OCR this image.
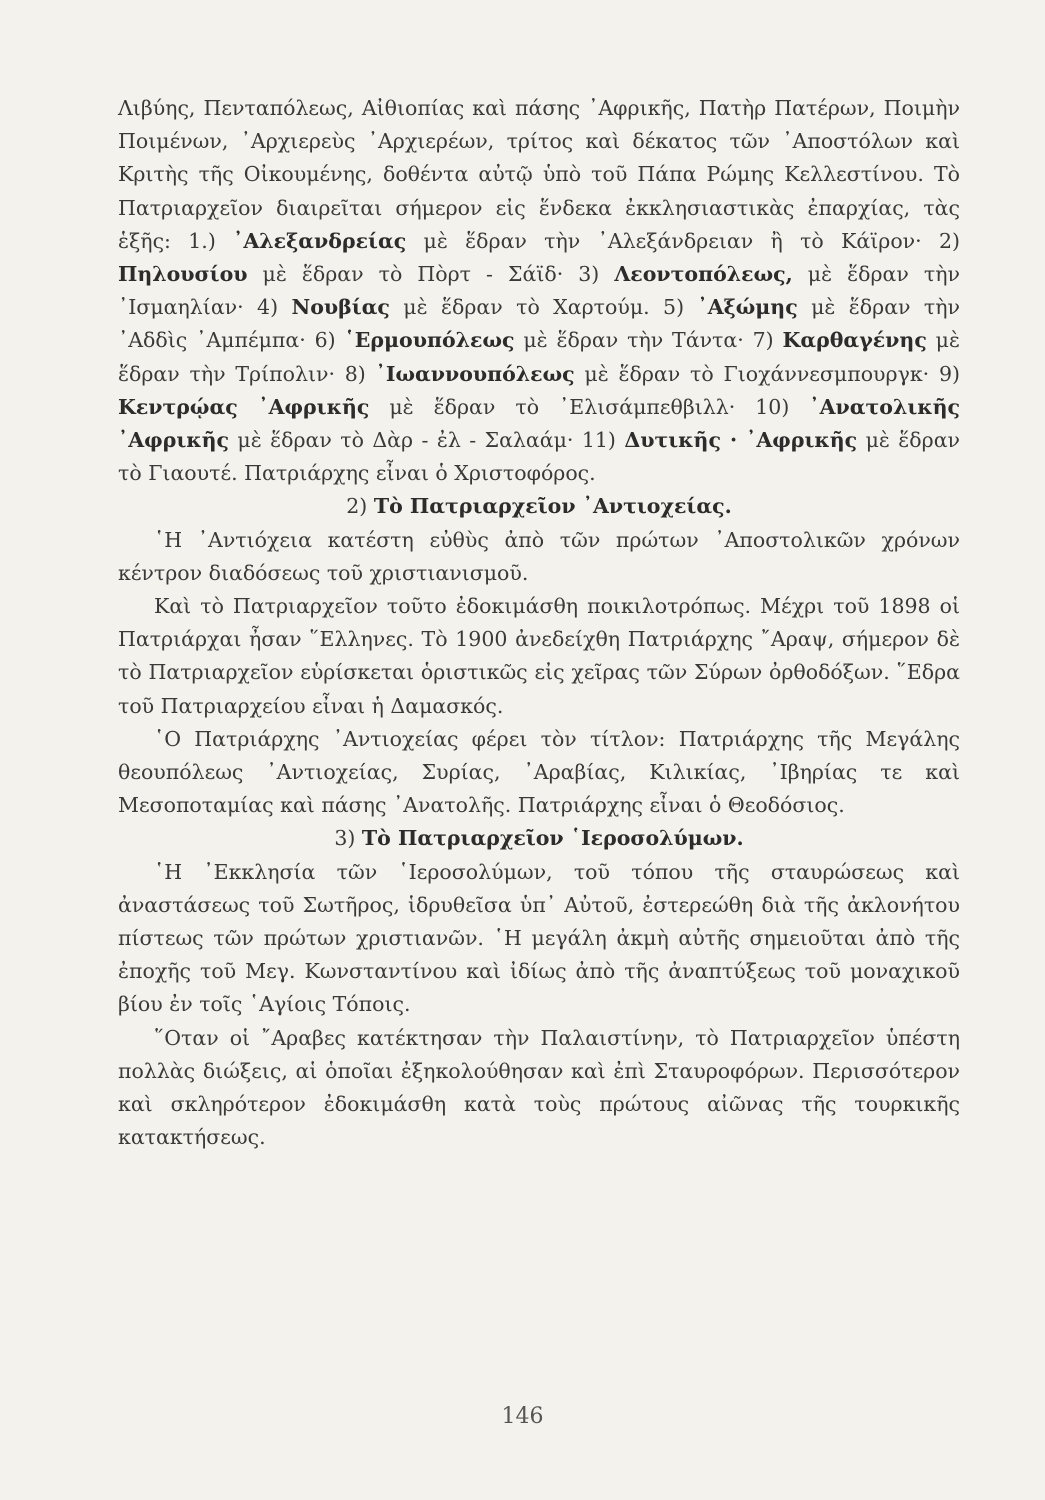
Λιβύης, Πενταπόλεως, Αἰθιοπίας καὶ πάσης ᾿Αφρικῆς, Πατὴρ Πατέρων, Ποιμὴν Ποιμένων, ᾿Αρχιερεὺς ᾿Αρχιερέων, τρίτος καὶ δέκατος τῶν ᾿Αποστόλων καὶ Κριτὴς τῆς Οἰκουμένης, δοθέντα αὐτῷ ὑπὸ τοῦ Πάπα Ρώμης Κελλεστίνου. Τὸ Πατριαρχεῖον διαιρεῖται σήμερον εἰς ἕνδεκα ἐκκλησιαστικὰς ἐπαρχίας, τὰς ἑξῆς: 1.) ᾿Αλεξανδρείας μὲ ἕδραν τὴν ᾿Αλεξάνδρειαν ἢ τὸ Κάϊρον· 2) Πηλουσίου μὲ ἕδραν τὸ Πὸρτ - Σάϊδ· 3) Λεοντοπόλεως, μὲ ἕδραν τὴν ᾿Ισμαηλίαν· 4) Νουβίας μὲ ἕδραν τὸ Χαρτούμ. 5) ᾿Αξώμης μὲ ἕδραν τὴν ᾿Αδδὶς ᾿Αμπέμπα· 6) ῾Ερμουπόλεως μὲ ἕδραν τὴν Τάντα· 7) Καρθαγένης μὲ ἕδραν τὴν Τρίπολιν· 8) ᾿Ιωαννουπόλεως μὲ ἕδραν τὸ Γιοχάννεσμπουργκ· 9) Κεντρῴας ᾿Αφρικῆς μὲ ἕδραν τὸ ᾿Ελισάμπεθβιλλ· 10) ᾿Ανατολικῆς ᾿Αφρικῆς μὲ ἕδραν τὸ Δὰρ - ἐλ - Σαλαάμ· 11) Δυτικῆς · ᾿Αφρικῆς μὲ ἕδραν τὸ Γιαουτέ. Πατριάρχης εἶναι ὁ Χριστοφόρος.

2) Τὸ Πατριαρχεῖον ᾿Αντιοχείας.

῾Η ᾿Αντιόχεια κατέστη εὐθὺς ἀπὸ τῶν πρώτων ᾿Αποστολικῶν χρόνων κέντρον διαδόσεως τοῦ χριστιανισμοῦ.

Καὶ τὸ Πατριαρχεῖον τοῦτο ἐδοκιμάσθη ποικιλοτρόπως. Μέχρι τοῦ 1898 οἱ Πατριάρχαι ἦσαν ῞Ελληνες. Τὸ 1900 ἀνεδείχθη Πατριάρχης ῎Αραψ, σήμερον δὲ τὸ Πατριαρχεῖον εὑρίσκεται ὁριστικῶς εἰς χεῖρας τῶν Σύρων ὀρθοδόξων. ῞Εδρα τοῦ Πατριαρχείου εἶναι ἡ Δαμασκός.

῾Ο Πατριάρχης ᾿Αντιοχείας φέρει τὸν τίτλον: Πατριάρχης τῆς Μεγάλης θεουπόλεως ᾿Αντιοχείας, Συρίας, ᾿Αραβίας, Κιλικίας, ᾿Ιβηρίας τε καὶ Μεσοποταμίας καὶ πάσης ᾿Ανατολῆς. Πατριάρχης εἶναι ὁ Θεοδόσιος.

3) Τὸ Πατριαρχεῖον ῾Ιεροσολύμων.

῾Η ᾿Εκκλησία τῶν ῾Ιεροσολύμων, τοῦ τόπου τῆς σταυρώσεως καὶ ἀναστάσεως τοῦ Σωτῆρος, ἱδρυθεῖσα ὑπ᾿ Αὐτοῦ, ἐστερεώθη διὰ τῆς ἀκλονήτου πίστεως τῶν πρώτων χριστιανῶν. ῾Η μεγάλη ἀκμὴ αὐτῆς σημειοῦται ἀπὸ τῆς ἐποχῆς τοῦ Μεγ. Κωνσταντίνου καὶ ἰδίως ἀπὸ τῆς ἀναπτύξεως τοῦ μοναχικοῦ βίου ἐν τοῖς ῾Αγίοις Τόποις.

῞Οταν οἱ ῎Αραβες κατέκτησαν τὴν Παλαιστίνην, τὸ Πατριαρχεῖον ὑπέστη πολλὰς διώξεις, αἱ ὁποῖαι ἐξηκολούθησαν καὶ ἐπὶ Σταυροφόρων. Περισσότερον καὶ σκληρότερον ἐδοκιμάσθη κατὰ τοὺς πρώτους αἰῶνας τῆς τουρκικῆς κατακτήσεως.

146
